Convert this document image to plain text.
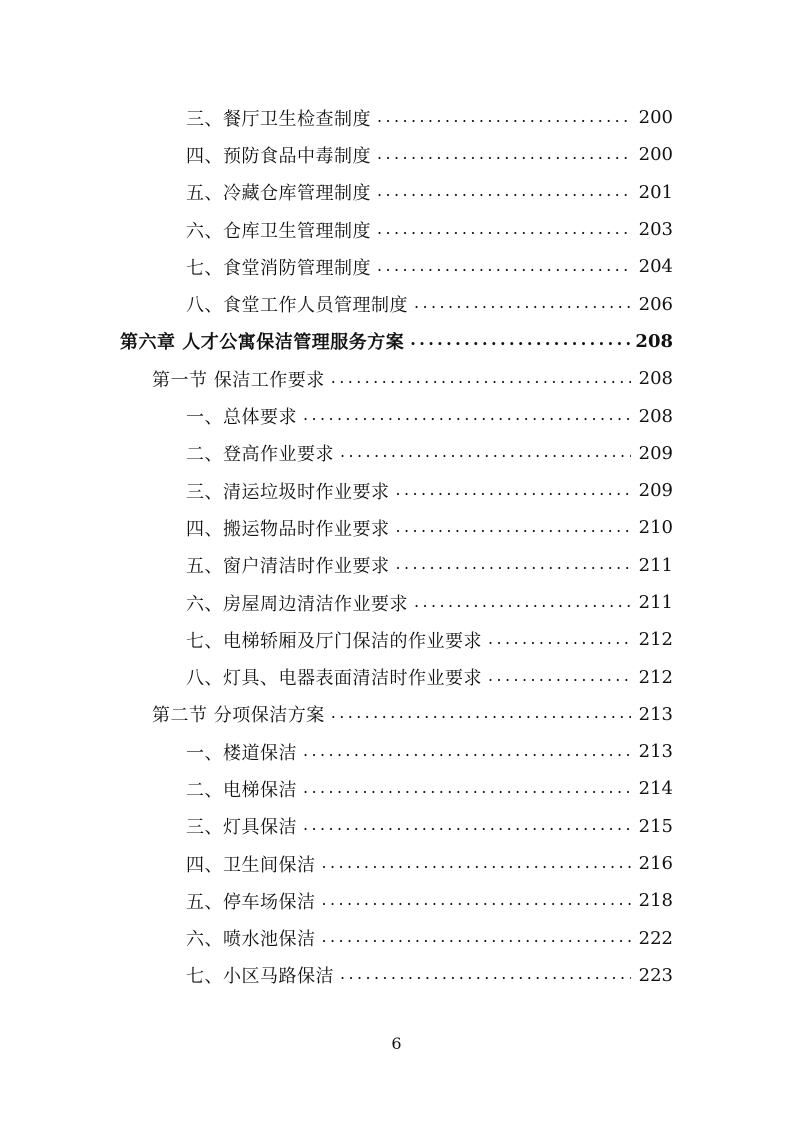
三、餐厅卫生检查制度 .....	200
四、预防食品中毒制度 .....	200
五、冷藏仓库管理制度 .....	201
六、仓库卫生管理制度 .....	203
七、食堂消防管理制度 .....	204
八、食堂工作人员管理制度 .....	206
第六章 人才公寓保洁管理服务方案 .....	208
第一节 保洁工作要求 .....	208
一、总体要求 .....	208
二、登高作业要求 .....	209
三、清运垃圾时作业要求 .....	209
四、搬运物品时作业要求 .....	210
五、窗户清洁时作业要求 .....	211
六、房屋周边清洁作业要求 .....	211
七、电梯轿厢及厅门保洁的作业要求 .....	212
八、灯具、电器表面清洁时作业要求 .....	212
第二节 分项保洁方案 .....	213
一、楼道保洁 .....	213
二、电梯保洁 .....	214
三、灯具保洁 .....	215
四、卫生间保洁 .....	216
五、停车场保洁 .....	218
六、喷水池保洁 .....	222
七、小区马路保洁 .....	223
6
